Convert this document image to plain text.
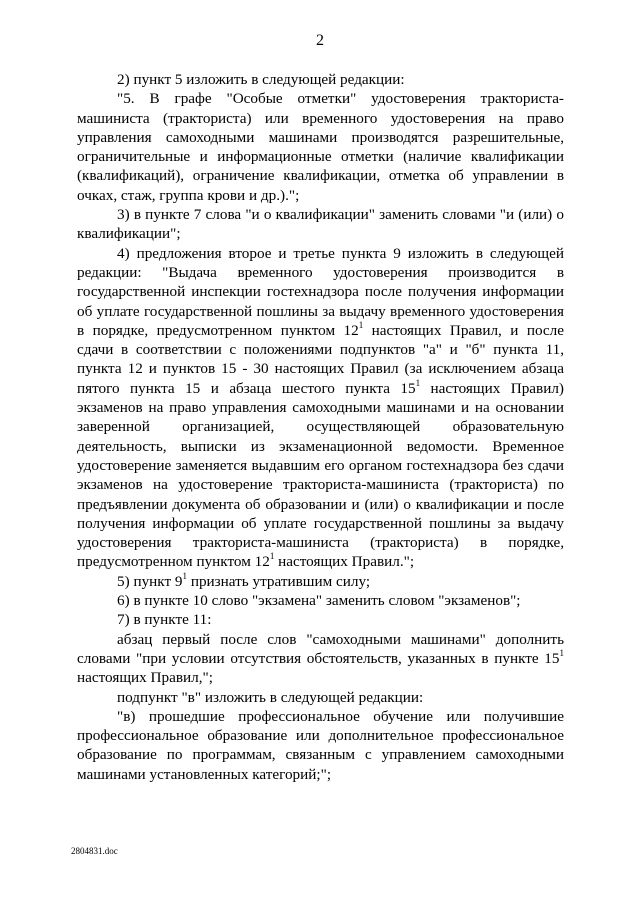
2

2) пункт 5 изложить в следующей редакции:

"5. В графе "Особые отметки" удостоверения тракториста-машиниста (тракториста) или временного удостоверения на право управления самоходными машинами производятся разрешительные, ограничительные и информационные отметки (наличие квалификации (квалификаций), ограничение квалификации, отметка об управлении в очках, стаж, группа крови и др.).";

3) в пункте 7 слова "и о квалификации" заменить словами "и (или) о квалификации";

4) предложения второе и третье пункта 9 изложить в следующей редакции: "Выдача временного удостоверения производится в государственной инспекции гостехнадзора после получения информации об уплате государственной пошлины за выдачу временного удостоверения в порядке, предусмотренном пунктом $12^1$ настоящих Правил, и после сдачи в соответствии с положениями подпунктов "а" и "б" пункта 11, пункта 12 и пунктов 15 - 30 настоящих Правил (за исключением абзаца пятого пункта 15 и абзаца шестого пункта $15^1$ настоящих Правил) экзаменов на право управления самоходными машинами и на основании заверенной организацией, осуществляющей образовательную деятельность, выписки из экзаменационной ведомости. Временное удостоверение заменяется выдавшим его органом гостехнадзора без сдачи экзаменов на удостоверение тракториста-машиниста (тракториста) по предъявлении документа об образовании и (или) о квалификации и после получения информации об уплате государственной пошлины за выдачу удостоверения тракториста-машиниста (тракториста) в порядке, предусмотренном пунктом $12^1$ настоящих Правил.";

5) пункт $9^1$ признать утратившим силу;

6) в пункте 10 слово "экзамена" заменить словом "экзаменов";

7) в пункте 11:

абзац первый после слов "самоходными машинами" дополнить словами "при условии отсутствия обстоятельств, указанных в пункте $15^1$ настоящих Правил,";

подпункт "в" изложить в следующей редакции:

"в) прошедшие профессиональное обучение или получившие профессиональное образование или дополнительное профессиональное образование по программам, связанным с управлением самоходными машинами установленных категорий;";

2804831.doc
